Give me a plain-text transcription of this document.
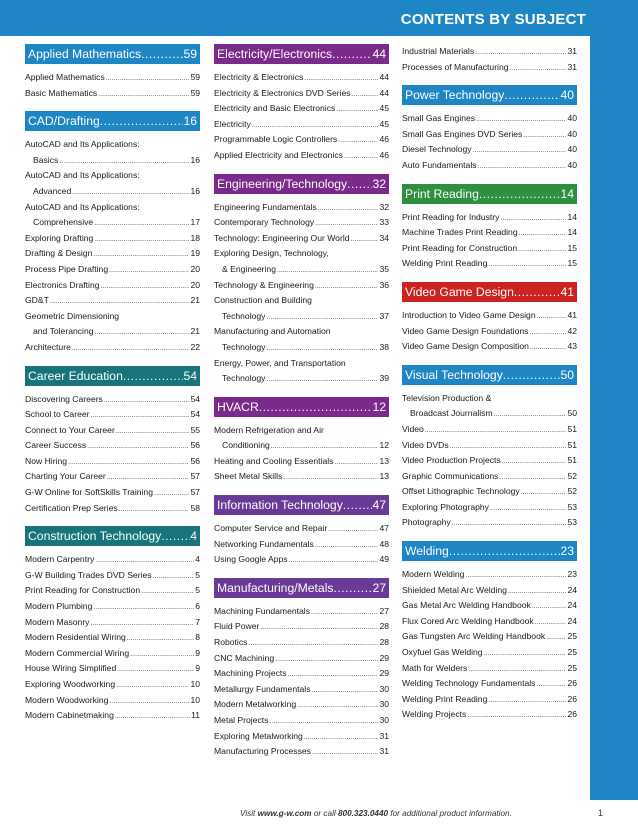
CONTENTS BY SUBJECT
Applied Mathematics .....	59
Applied Mathematics .....	59
Basic Mathematics .....	59
CAD/Drafting .....	16
AutoCAD and Its Applications:
Basics .....	16
AutoCAD and Its Applications:
Advanced .....	16
AutoCAD and Its Applications:
Comprehensive .....	17
Exploring Drafting .....	18
Drafting & Design .....	19
Process Pipe Drafting .....	20
Electronics Drafting .....	20
GD&T .....	21
Geometric Dimensioning
and Tolerancing .....	21
Architecture .....	22
Career Education .....	54
Discovering Careers .....	54
School to Career .....	54
Connect to Your Career .....	55
Career Success .....	56
Now Hiring .....	56
Charting Your Career .....	57
G-W Online for SoftSkills Training .....	57
Certification Prep Series .....	58
Construction Technology ..... 4
Modern Carpentry .....	4
G-W Building Trades DVD Series .....	5
Print Reading for Construction .....	5
Modern Plumbing .....	6
Modern Masonry .....	7
Modern Residential Wiring .....	8
Modern Commercial Wiring .....	9
House Wiring Simplified .....	9
Exploring Woodworking .....	10
Modern Woodworking .....	10
Modern Cabinetmaking .....	11
Electricity/Electronics .....	44
Electricity & Electronics .....	44
Electricity & Electronics DVD Series .....	44
Electricity and Basic Electronics .....	45
Electricity .....	45
Programmable Logic Controllers .....	46
Applied Electricity and Electronics .....	46
Engineering/Technology ..... 32
Engineering Fundamentals .....	32
Contemporary Technology .....	33
Technology: Engineering Our World .....	34
Exploring Design, Technology,
& Engineering .....	35
Technology & Engineering .....	36
Construction and Building
Technology .....	37
Manufacturing and Automation
Technology .....	38
Energy, Power, and Transportation
Technology .....	39
HVACR .....	12
Modern Refrigeration and Air
Conditioning .....	12
Heating and Cooling Essentials .....	13
Sheet Metal Skills .....	13
Information Technology ..... 47
Computer Service and Repair .....	47
Networking Fundamentals .....	48
Using Google Apps .....	49
Manufacturing/Metals .....	27
Machining Fundamentals .....	27
Fluid Power .....	28
Robotics .....	28
CNC Machining .....	29
Machining Projects .....	29
Metallurgy Fundamentals .....	30
Modern Metalworking .....	30
Metal Projects .....	30
Exploring Metalworking .....	31
Manufacturing Processes .....	31
Industrial Materials .....	31
Processes of Manufacturing .....	31
Power Technology .....	40
Small Gas Engines .....	40
Small Gas Engines DVD Series .....	40
Diesel Technology .....	40
Auto Fundamentals .....	40
Print Reading .....	14
Print Reading for Industry .....	14
Machine Trades Print Reading .....	14
Print Reading for Construction .....	15
Welding Print Reading .....	15
Video Game Design .....	41
Introduction to Video Game Design .....	41
Video Game Design Foundations .....	42
Video Game Design Composition .....	43
Visual Technology .....	50
Television Production &
Broadcast Journalism .....	50
Video .....	51
Video DVDs .....	51
Video Production Projects .....	51
Graphic Communications .....	52
Offset Lithographic Technology .....	52
Exploring Photography .....	53
Photography .....	53
Welding .....	23
Modern Welding .....	23
Shielded Metal Arc Welding .....	24
Gas Metal Arc Welding Handbook .....	24
Flux Cored Arc Welding Handbook .....	24
Gas Tungsten Arc Welding Handbook .....	25
Oxyfuel Gas Welding .....	25
Math for Welders .....	25
Welding Technology Fundamentals .....	26
Welding Print Reading .....	26
Welding Projects .....	26
Visit www.g-w.com or call 800.323.0440 for additional product information.	1
